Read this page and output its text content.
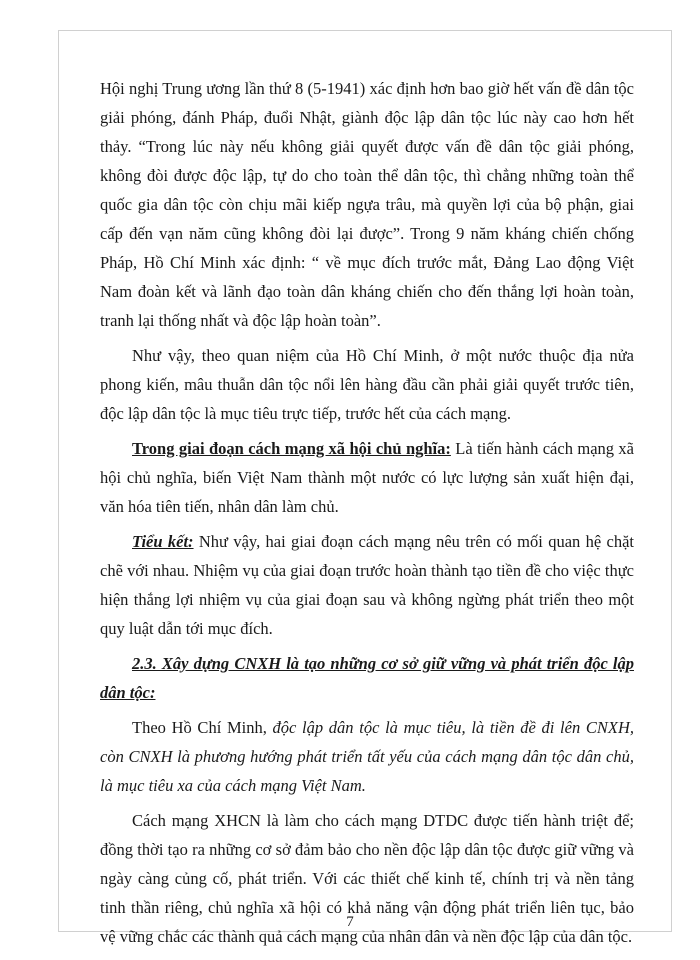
Hội nghị Trung ương lần thứ 8 (5-1941) xác định hơn bao giờ hết vấn đề dân tộc giải phóng, đánh Pháp, đuổi Nhật, giành độc lập dân tộc lúc này cao hơn hết thảy. “Trong lúc này nếu không giải quyết được vấn đề dân tộc giải phóng, không đòi được độc lập, tự do cho toàn thể dân tộc, thì chẳng những toàn thể quốc gia dân tộc còn chịu mãi kiếp ngựa trâu, mà quyền lợi của bộ phận, giai cấp đến vạn năm cũng không đòi lại được”. Trong 9 năm kháng chiến chống Pháp, Hồ Chí Minh xác định: “ về mục đích trước mắt, Đảng Lao động Việt Nam đoàn kết và lãnh đạo toàn dân kháng chiến cho đến thắng lợi hoàn toàn, tranh lại thống nhất và độc lập hoàn toàn”.

Như vậy, theo quan niệm của Hồ Chí Minh, ở một nước thuộc địa nửa phong kiến, mâu thuẫn dân tộc nổi lên hàng đầu cần phải giải quyết trước tiên, độc lập dân tộc là mục tiêu trực tiếp, trước hết của cách mạng.

Trong giai đoạn cách mạng xã hội chủ nghĩa: Là tiến hành cách mạng xã hội chủ nghĩa, biến Việt Nam thành một nước có lực lượng sản xuất hiện đại, văn hóa tiên tiến, nhân dân làm chủ.

Tiểu kết: Như vậy, hai giai đoạn cách mạng nêu trên có mối quan hệ chặt chẽ với nhau. Nhiệm vụ của giai đoạn trước hoàn thành tạo tiền đề cho việc thực hiện thắng lợi nhiệm vụ của giai đoạn sau và không ngừng phát triển theo một quy luật dẫn tới mục đích.

2.3. Xây dựng CNXH là tạo những cơ sở giữ vững và phát triển độc lập dân tộc:

Theo Hồ Chí Minh, độc lập dân tộc là mục tiêu, là tiền đề đi lên CNXH, còn CNXH là phương hướng phát triển tất yếu của cách mạng dân tộc dân chủ, là mục tiêu xa của cách mạng Việt Nam.

Cách mạng XHCN là làm cho cách mạng DTDC được tiến hành triệt để; đồng thời tạo ra những cơ sở đảm bảo cho nền độc lập dân tộc được giữ vững và ngày càng củng cố, phát triển. Với các thiết chế kinh tế, chính trị và nền tảng tinh thần riêng, chủ nghĩa xã hội có khả năng vận động phát triển liên tục, bảo vệ vững chắc các thành quả cách mạng của nhân dân và nền độc lập của dân tộc.

7
